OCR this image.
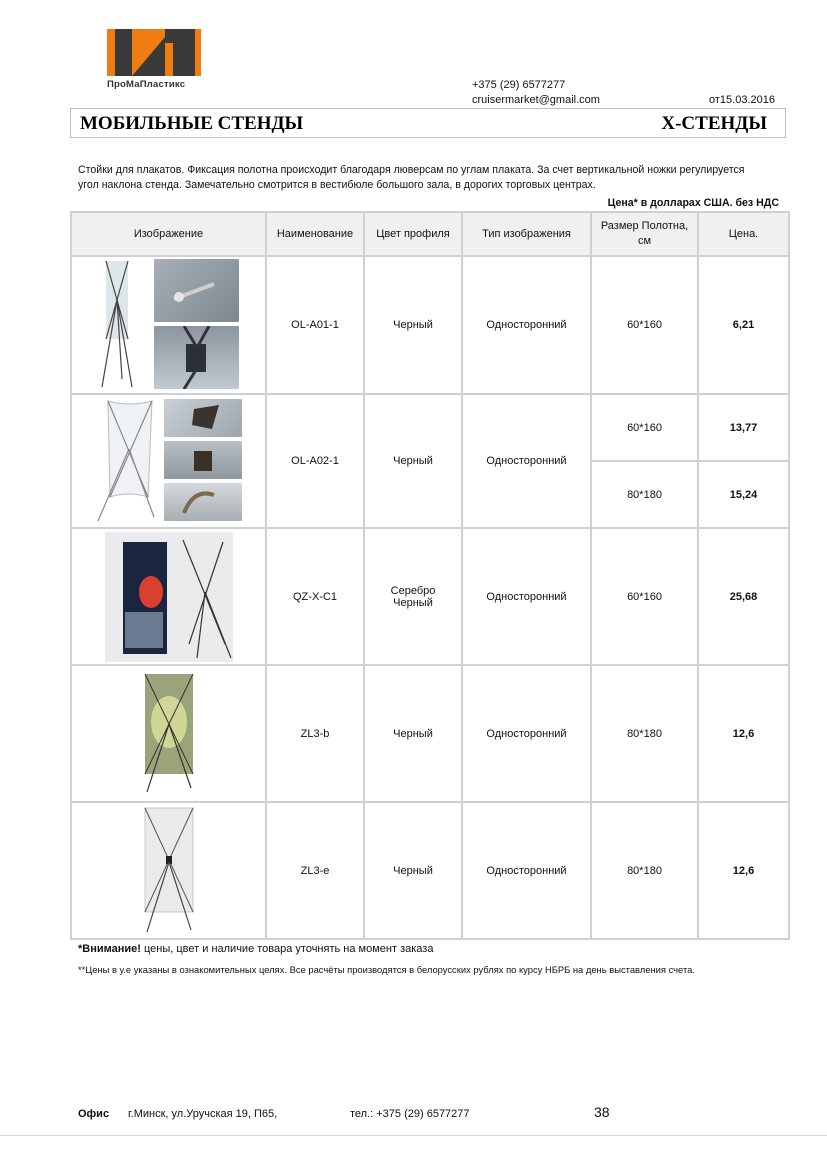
ПроМаПластикс	+375 (29) 6577277
cruisermarket@gmail.com	от15.03.2016
МОБИЛЬНЫЕ СТЕНДЫ	Х-СТЕНДЫ
Стойки для плакатов. Фиксация полотна происходит благодаря люверсам по углам плаката. За счет вертикальной ножки регулируется угол наклона стенда. Замечательно смотрится в вестибюле большого зала, в дорогих торговых центрах.
Цена* в долларах США. без НДС
Изображение	Наименование	Цвет профиля	Тип изображения	Размер Полотна, см	Цена.

	OL-A01-1	Черный	Односторонний	60*160	6,21

	OL-A02-1	Черный	Односторонний	60*160	13,77
				80*180	15,24

	QZ-X-C1	Серебро
Черный	Односторонний	60*160	25,68

	ZL3-b	Черный	Односторонний	80*180	12,6

	ZL3-e	Черный	Односторонний	80*180	12,6
*Внимание! цены, цвет и наличие товара уточнять на момент заказа
**Цены в у.е указаны в ознакомительных целях. Все расчёты производятся в белорусских рублях по курсу НБРБ на день выставления счета.
Офис г.Минск, ул.Уручская 19, П65,	тел.: +375 (29) 6577277	38
